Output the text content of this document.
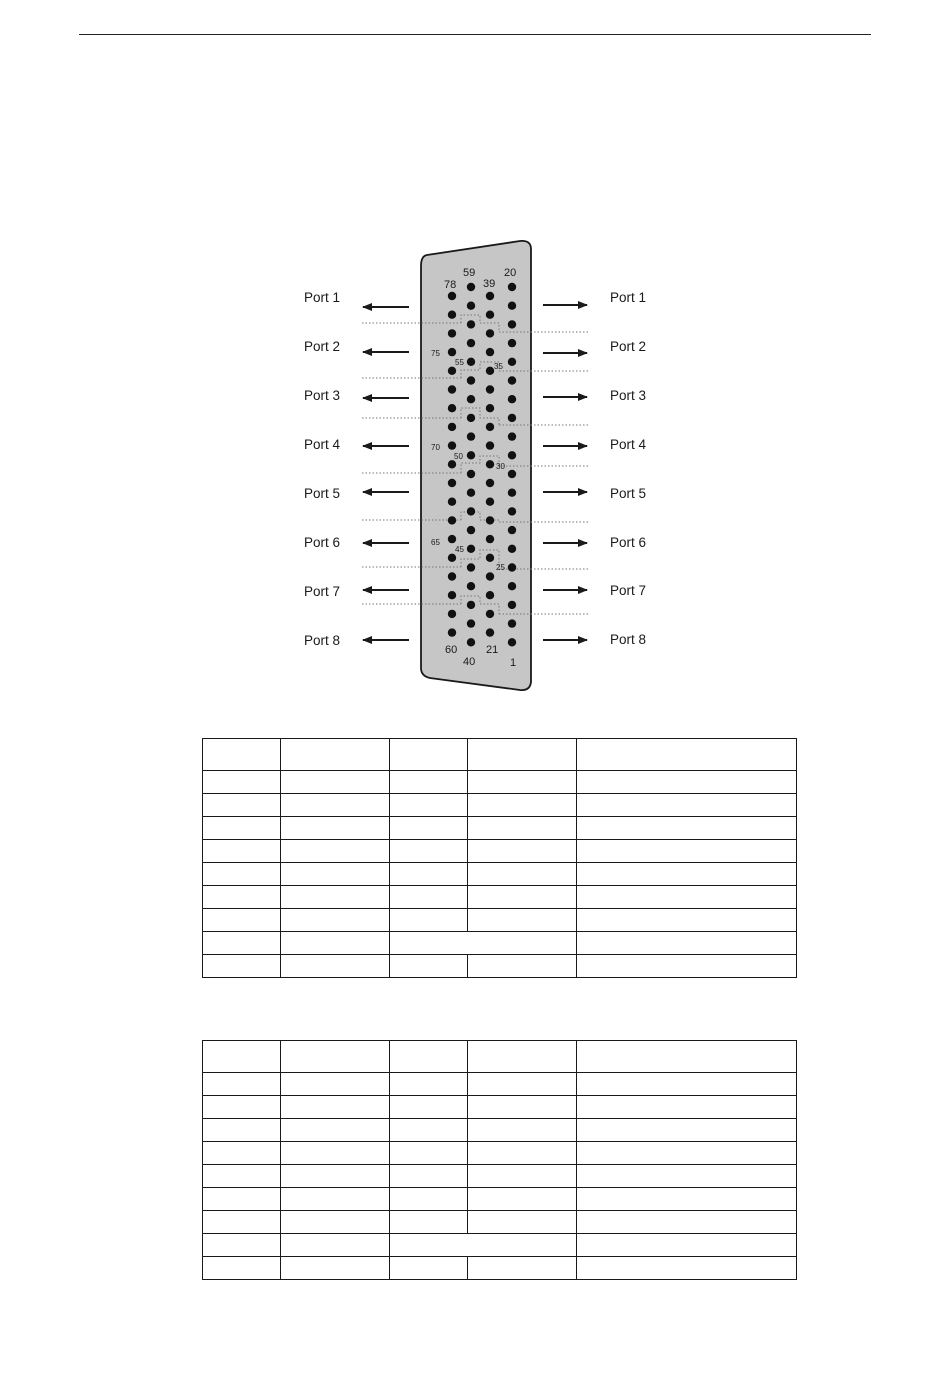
59	20
78 39
75
55	35
70
50
30
65
45
25
60	21
40	1
Port 1	Port 1
Port 2	Port 2
Port 3	Port 3
Port 4	Port 4
Port 5	Port 5
Port 6	Port 6
Port 7	Port 7
Port 8	Port 8
